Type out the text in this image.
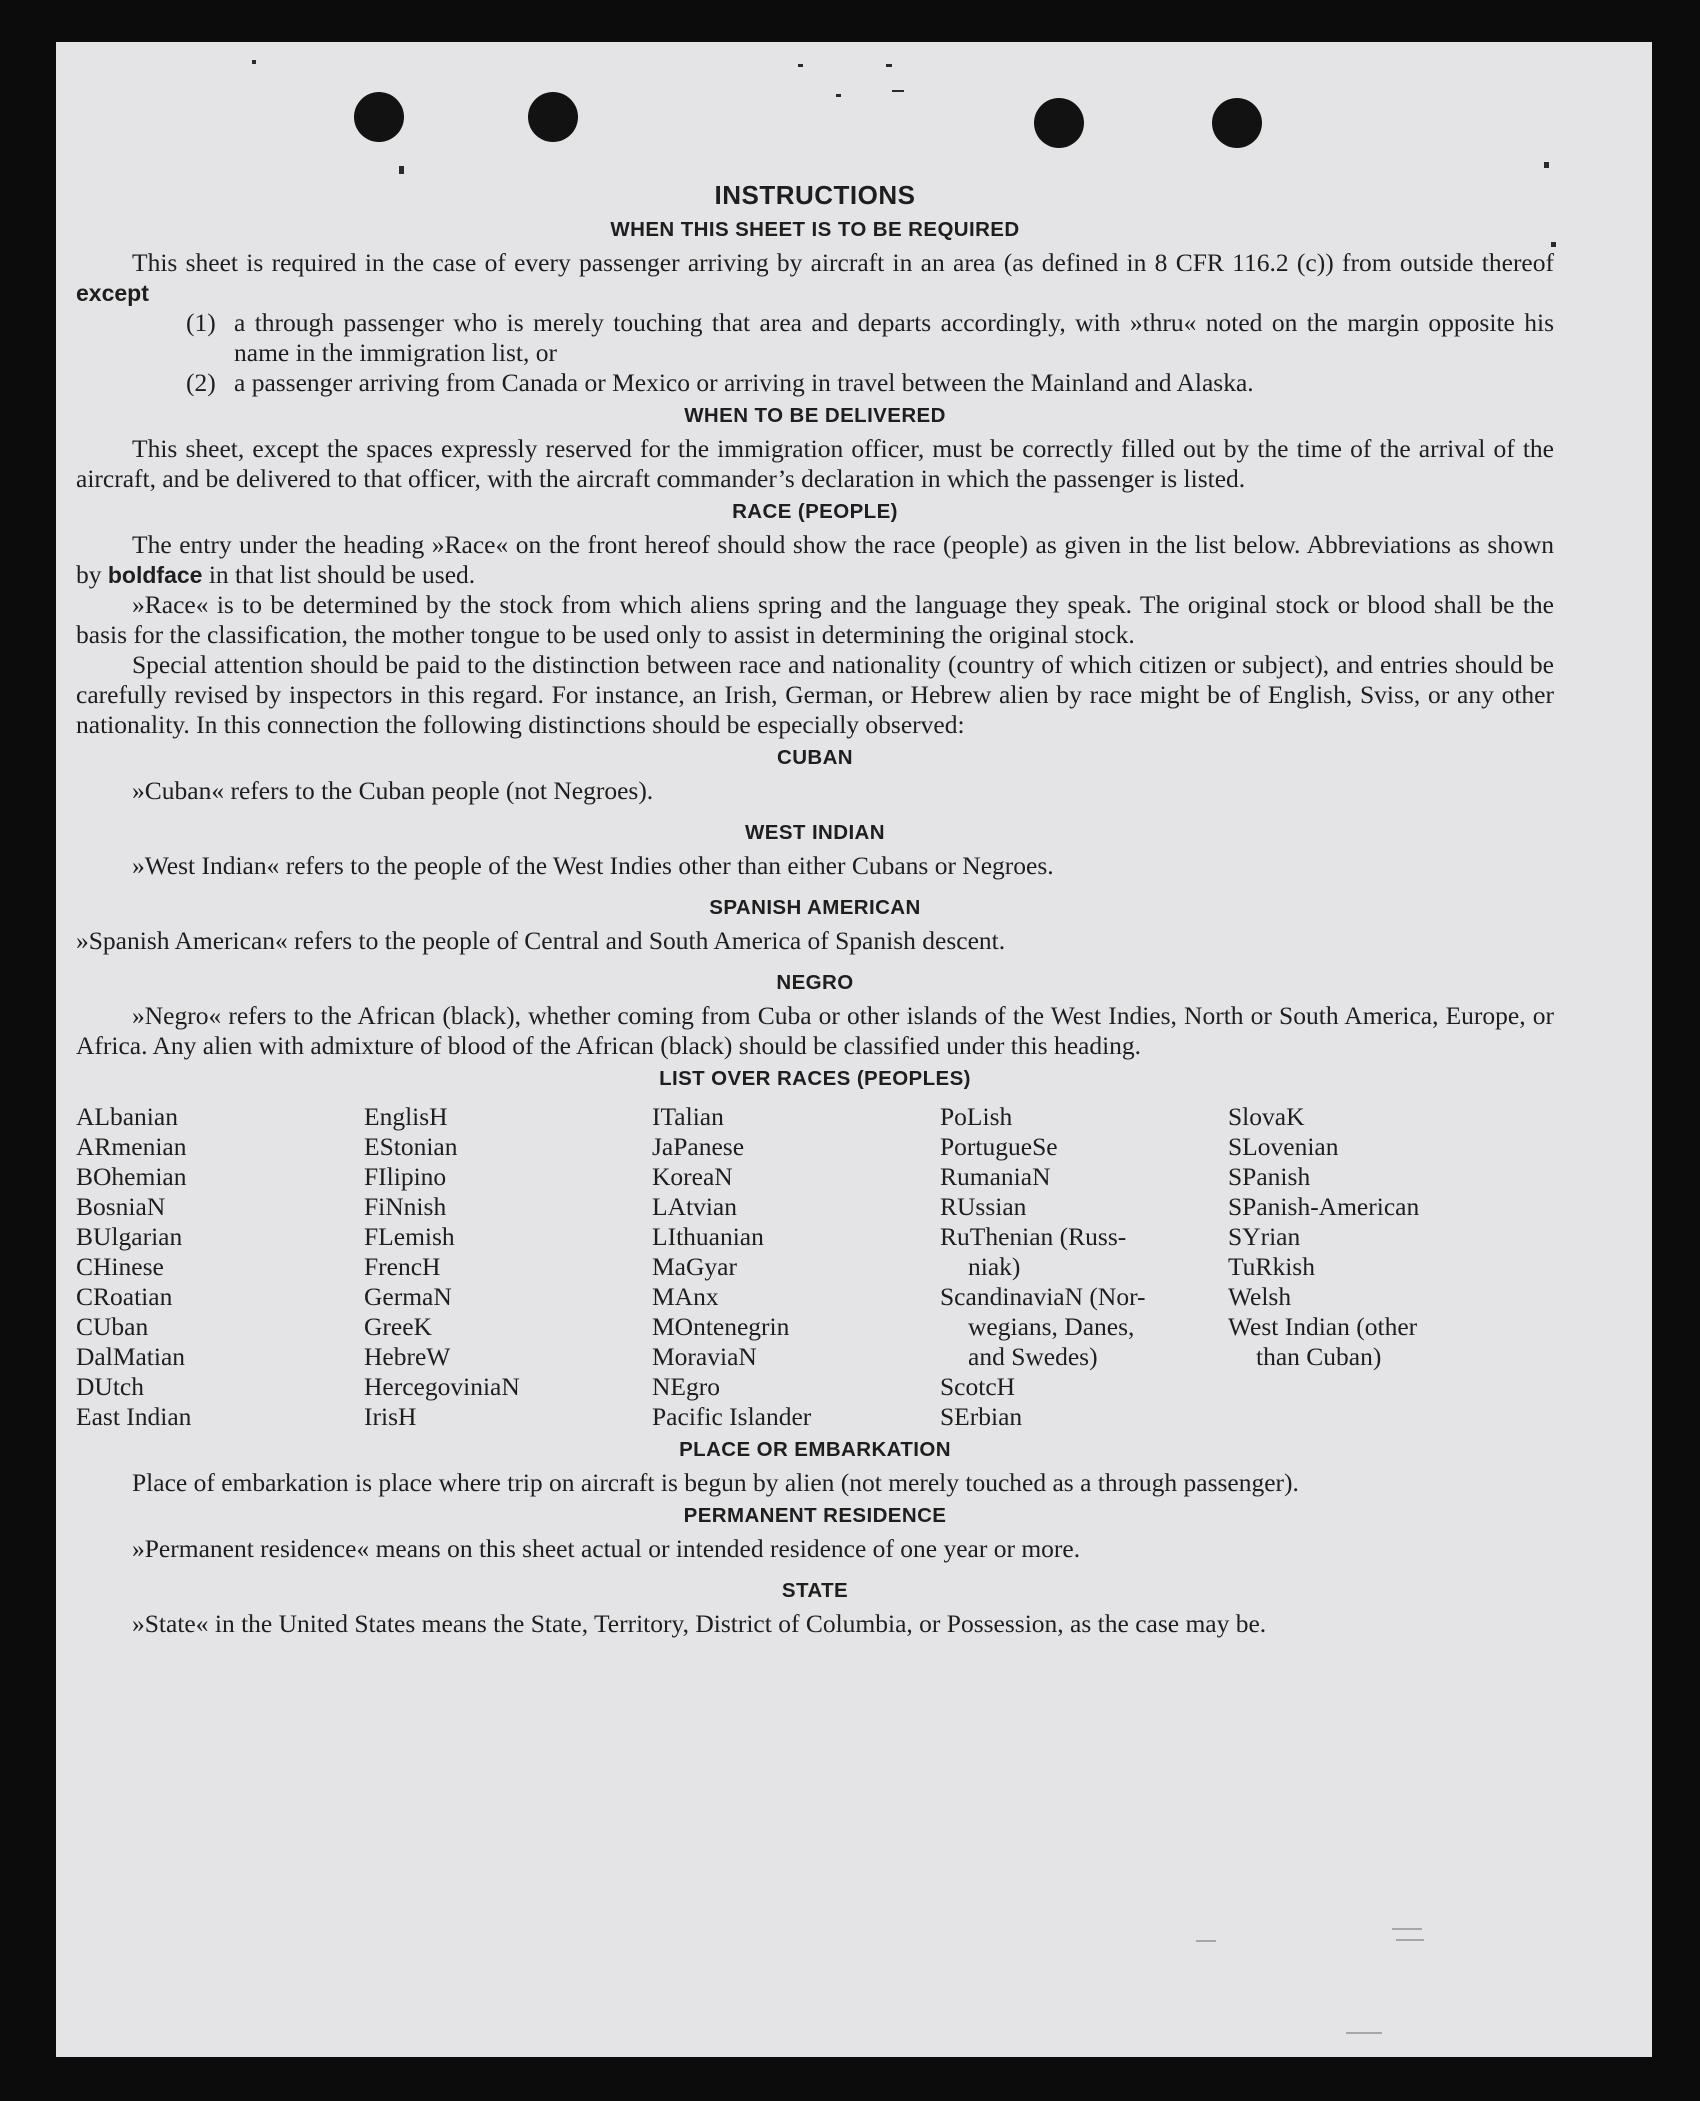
INSTRUCTIONS
WHEN THIS SHEET IS TO BE REQUIRED

This sheet is required in the case of every passenger arriving by aircraft in an area (as defined in 8 CFR 116.2 (c)) from outside thereof except

(1) a through passenger who is merely touching that area and departs accordingly, with »thru« noted on the margin opposite his name in the immigration list, or
(2) a passenger arriving from Canada or Mexico or arriving in travel between the Mainland and Alaska.
WHEN TO BE DELIVERED

This sheet, except the spaces expressly reserved for the immigration officer, must be correctly filled out by the time of the arrival of the aircraft, and be delivered to that officer, with the aircraft commander’s declaration in which the passenger is listed.

RACE (PEOPLE)

The entry under the heading »Race« on the front hereof should show the race (people) as given in the list below. Abbreviations as shown by boldface in that list should be used.

»Race« is to be determined by the stock from which aliens spring and the language they speak. The original stock or blood shall be the basis for the classification, the mother tongue to be used only to assist in determining the original stock.

Special attention should be paid to the distinction between race and nationality (country of which citizen or subject), and entries should be carefully revised by inspectors in this regard. For instance, an Irish, German, or Hebrew alien by race might be of English, Sviss, or any other nationality. In this connection the following distinctions should be especially observed:

CUBAN

»Cuban« refers to the Cuban people (not Negroes).

WEST INDIAN

»West Indian« refers to the people of the West Indies other than either Cubans or Negroes.

SPANISH AMERICAN

»Spanish American« refers to the people of Central and South America of Spanish descent.

NEGRO

»Negro« refers to the African (black), whether coming from Cuba or other islands of the West Indies, North or South America, Europe, or Africa. Any alien with admixture of blood of the African (black) should be classified under this heading.

LIST OVER RACES (PEOPLES)
ALbanian
ARmenian
BOhemian
BosniaN
BUlgarian
CHinese
CRoatian
CUban
DalMatian
DUtch
East Indian
EnglisH
EStonian
FIlipino
FiNnish
FLemish
FrencH
GermaN
GreeK
HebreW
HercegoviniaN
IrisH
ITalian
JaPanese
KoreaN
LAtvian
LIthuanian
MaGyar
MAnx
MOntenegrin
MoraviaN
NEgro
Pacific Islander
PoLish
PortugueSe
RumaniaN
RUssian
RuThenian (Russ-
niak)
ScandinaviaN (Nor-
wegians, Danes,
and Swedes)
ScotcH
SErbian
SlovaK
SLovenian
SPanish
SPanish-American
SYrian
TuRkish
Welsh
West Indian (other
than Cuban)
PLACE OR EMBARKATION

Place of embarkation is place where trip on aircraft is begun by alien (not merely touched as a through passenger).

PERMANENT RESIDENCE

»Permanent residence« means on this sheet actual or intended residence of one year or more.

STATE

»State« in the United States means the State, Territory, District of Columbia, or Possession, as the case may be.
